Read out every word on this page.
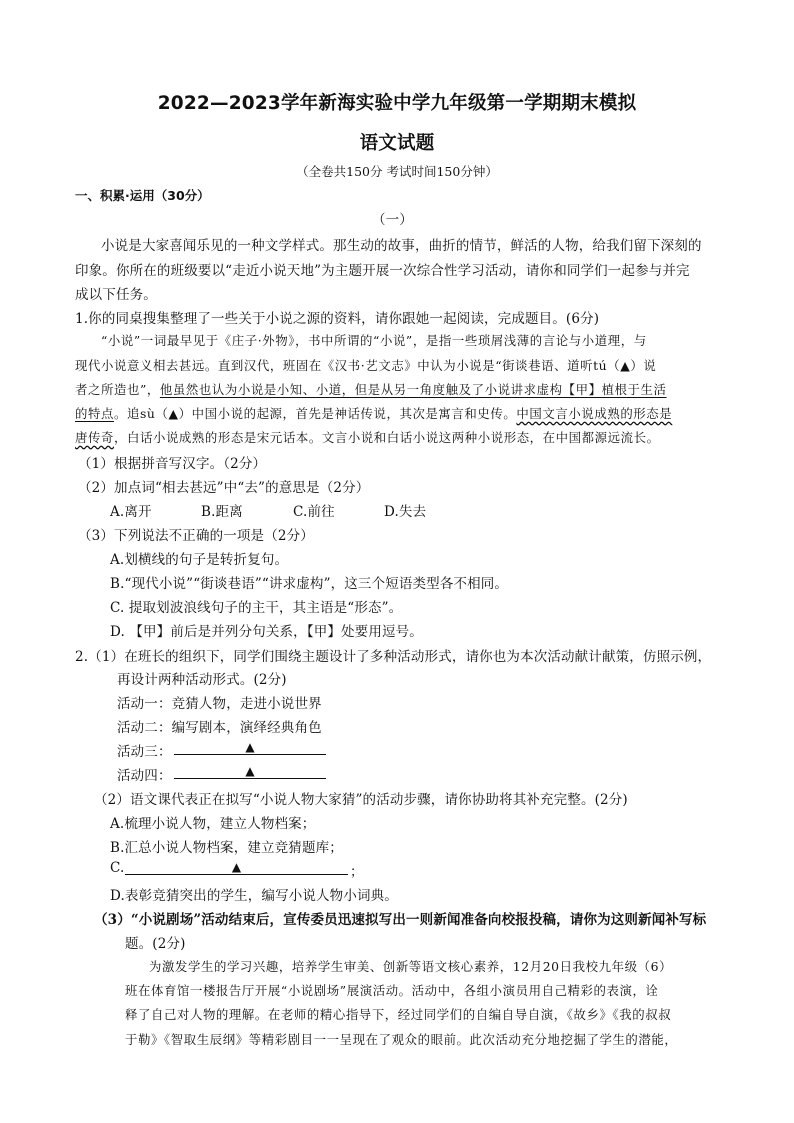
2022—2023学年新海实验中学九年级第一学期期末模拟
语文试题
（全卷共150分 考试时间150分钟）
一、积累·运用（30分）
（一）
小说是大家喜闻乐见的一种文学样式。那生动的故事，曲折的情节，鲜活的人物，给我们留下深刻的
印象。你所在的班级要以“走近小说天地”为主题开展一次综合性学习活动，请你和同学们一起参与并完
成以下任务。
1.你的同桌搜集整理了一些关于小说之源的资料，请你跟她一起阅读，完成题目。(6分)
“小说”一词最早见于《庄子·外物》，书中所谓的“小说”，是指一些琐屑浅薄的言论与小道理，与
现代小说意义相去甚远。直到汉代，班固在《汉书·艺文志》中认为小说是“街谈巷语、道听tú（▲）说
者之所造也”，他虽然也认为小说是小知、小道，但是从另一角度触及了小说讲求虚构【甲】植根于生活
的特点。追sù（▲）中国小说的起源，首先是神话传说，其次是寓言和史传。中国文言小说成熟的形态是
唐传奇，白话小说成熟的形态是宋元话本。文言小说和白话小说这两种小说形态，在中国都源远流长。
（1）根据拼音写汉字。（2分）
（2）加点词“相去甚远”中“去”的意思是（2分）
A.离开	B.距离	C.前往	D.失去
（3）下列说法不正确的一项是（2分）
A.划横线的句子是转折复句。
B.“现代小说”“街谈巷语”“讲求虚构”，这三个短语类型各不相同。
C. 提取划波浪线句子的主干，其主语是“形态”。
D. 【甲】前后是并列分句关系，【甲】处要用逗号。
2.（1）在班长的组织下，同学们围绕主题设计了多种活动形式，请你也为本次活动献计献策，仿照示例，
再设计两种活动形式。(2分)
活动一：竞猜人物，走进小说世界
活动二：编写剧本，演绎经典角色
活动三：	▲
活动四：	▲
（2）语文课代表正在拟写“小说人物大家猜”的活动步骤，请你协助将其补充完整。(2分)
A.梳理小说人物，建立人物档案；
B.汇总小说人物档案，建立竞猜题库；
C.	▲	；
D.表彰竞猜突出的学生，编写小说人物小词典。
（3）“小说剧场”活动结束后，宣传委员迅速拟写出一则新闻准备向校报投稿，请你为这则新闻补写标
题。(2分)
为激发学生的学习兴趣，培养学生审美、创新等语文核心素养，12月20日我校九年级（6）
班在体育馆一楼报告厅开展“小说剧场”展演活动。活动中，各组小演员用自己精彩的表演，诠
释了自己对人物的理解。在老师的精心指导下，经过同学们的自编自导自演，《故乡》《我的叔叔
于勒》《智取生辰纲》等精彩剧目一一呈现在了观众的眼前。此次活动充分地挖掘了学生的潜能，
